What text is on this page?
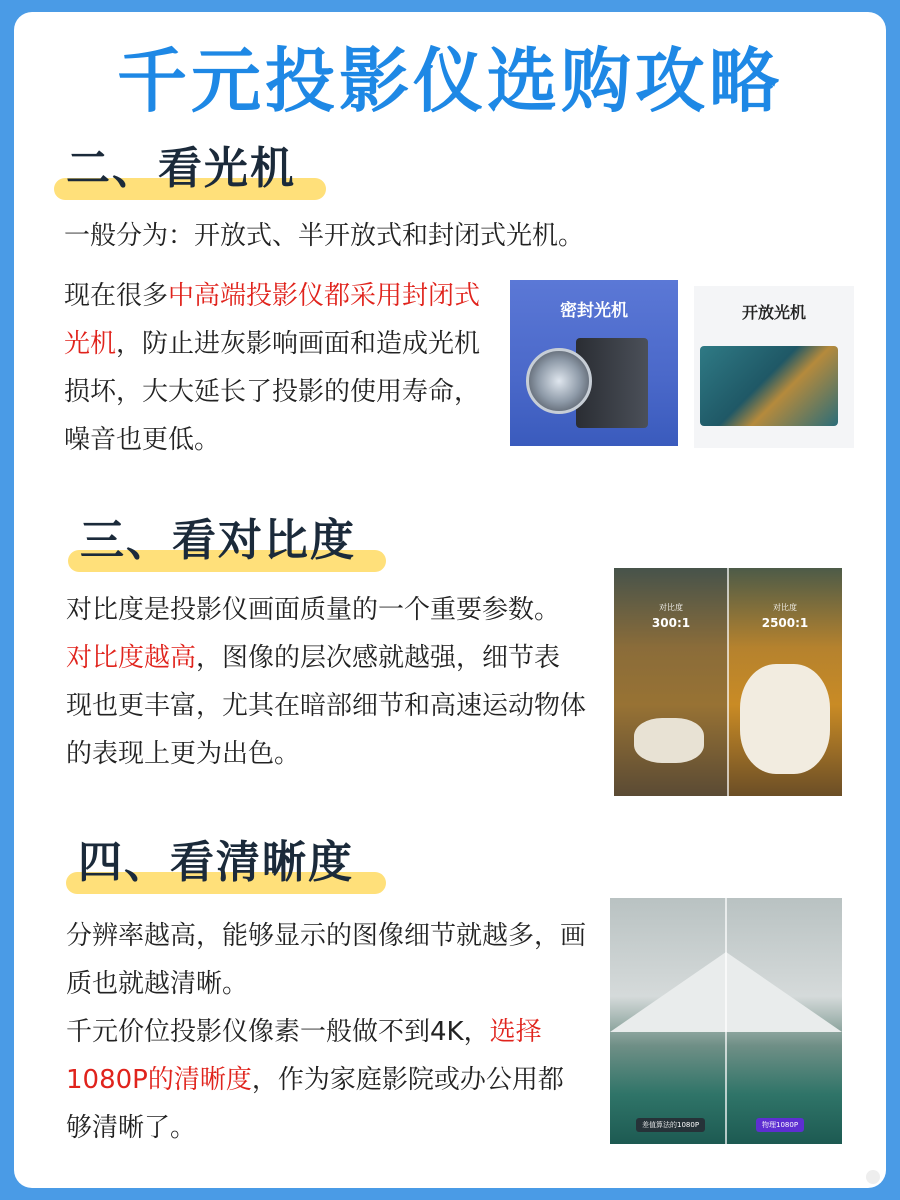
千元投影仪选购攻略
二、看光机
一般分为：开放式、半开放式和封闭式光机。
现在很多中高端投影仪都采用封闭式光机，防止进灰影响画面和造成光机损坏，大大延长了投影的使用寿命，噪音也更低。
密封光机	开放光机
三、看对比度
对比度是投影仪画面质量的一个重要参数。对比度越高，图像的层次感就越强，细节表现也更丰富，尤其在暗部细节和高速运动物体的表现上更为出色。
对比度
300:1
对比度
2500:1
四、看清晰度
分辨率越高，能够显示的图像细节就越多，画质也就越清晰。
千元价位投影仪像素一般做不到4K，选择1080P的清晰度，作为家庭影院或办公用都够清晰了。	差值算法的1080P	物理1080P
